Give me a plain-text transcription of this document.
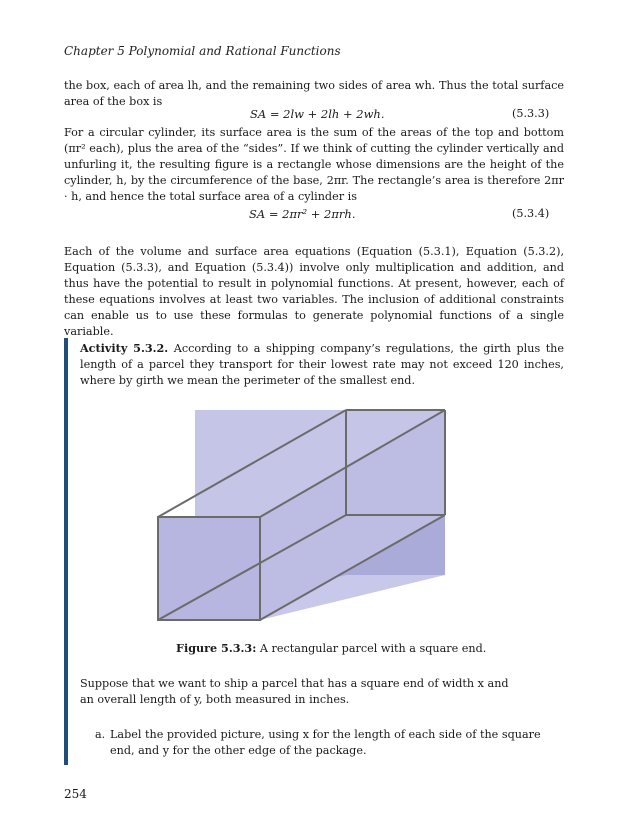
Chapter 5 Polynomial and Rational Functions
the box, each of area lh, and the remaining two sides of area wh. Thus the total surface area of the box is
SA = 2lw + 2lh + 2wh.	(5.3.3)
For a circular cylinder, its surface area is the sum of the areas of the top and bottom (πr² each), plus the area of the “sides”. If we think of cutting the cylinder vertically and unfurling it, the resulting figure is a rectangle whose dimensions are the height of the cylinder, h, by the circumference of the base, 2πr. The rectangle’s area is therefore 2πr · h, and hence the total surface area of a cylinder is
SA = 2πr² + 2πrh.	(5.3.4)
Each of the volume and surface area equations (Equation (5.3.1), Equation (5.3.2), Equation (5.3.3), and Equation (5.3.4)) involve only multiplication and addition, and thus have the potential to result in polynomial functions. At present, however, each of these equations involves at least two variables. The inclusion of additional constraints can enable us to use these formulas to generate polynomial functions of a single variable.
Activity 5.3.2. According to a shipping company’s regulations, the girth plus the length of a parcel they transport for their lowest rate may not exceed 120 inches, where by girth we mean the perimeter of the smallest end.
Figure 5.3.3: A rectangular parcel with a square end.
Suppose that we want to ship a parcel that has a square end of width x and an overall length of y, both measured in inches.
a. Label the provided picture, using x for the length of each side of the square end, and y for the other edge of the package.
254
